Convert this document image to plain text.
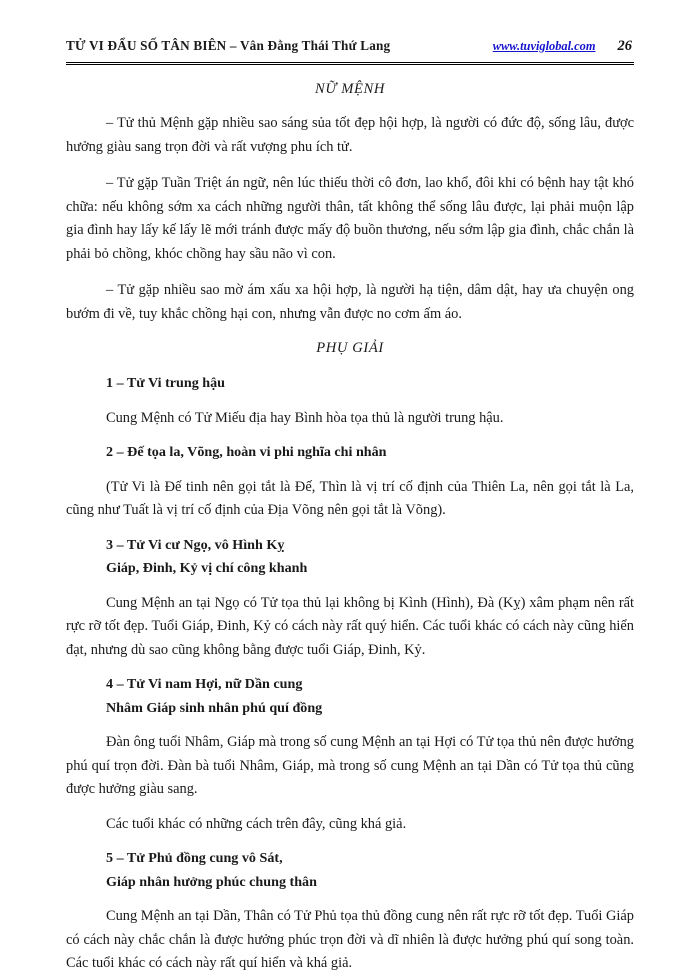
TỬ VI ĐẨU SỐ TÂN BIÊN – Vân Đằng Thái Thứ Lang	www.tuviglobal.com 26
NỮ MỆNH

– Tử thủ Mệnh gặp nhiều sao sáng sủa tốt đẹp hội hợp, là người có đức độ, sống lâu, được hưởng giàu sang trọn đời và rất vượng phu ích tử.

– Tử gặp Tuần Triệt án ngữ, nên lúc thiếu thời cô đơn, lao khổ, đôi khi có bệnh hay tật khó chữa: nếu không sớm xa cách những người thân, tất không thể sống lâu được, lại phải muộn lập gia đình hay lấy kế lấy lẽ mới tránh được mấy độ buồn thương, nếu sớm lập gia đình, chắc chắn là phải bỏ chồng, khóc chồng hay sầu não vì con.

– Tử gặp nhiều sao mờ ám xấu xa hội hợp, là người hạ tiện, dâm dật, hay ưa chuyện ong bướm đi về, tuy khắc chồng hại con, nhưng vẫn được no cơm ấm áo.

PHỤ GIẢI
1 – Tử Vi trung hậu

Cung Mệnh có Tử Miếu địa hay Bình hòa tọa thủ là người trung hậu.

2 – Đế tọa la, Võng, hoàn vi phi nghĩa chi nhân

(Tử Vi là Đế tinh nên gọi tắt là Đế, Thìn là vị trí cố định của Thiên La, nên gọi tắt là La, cũng như Tuất là vị trí cố định của Địa Võng nên gọi tắt là Võng).

3 – Tử Vi cư Ngọ, vô Hình Kỵ
Giáp, Đinh, Kỷ vị chí công khanh

Cung Mệnh an tại Ngọ có Tử tọa thủ lại không bị Kình (Hình), Đà (Kỵ) xâm phạm nên rất rực rỡ tốt đẹp. Tuổi Giáp, Đinh, Kỷ có cách này rất quý hiển. Các tuổi khác có cách này cũng hiển đạt, nhưng dù sao cũng không bằng được tuổi Giáp, Đinh, Kỷ.

4 – Tử Vi nam Hợi, nữ Dần cung
Nhâm Giáp sinh nhân phú quí đồng

Đàn ông tuổi Nhâm, Giáp mà trong số cung Mệnh an tại Hợi có Tử tọa thủ nên được hưởng phú quí trọn đời. Đàn bà tuổi Nhâm, Giáp, mà trong số cung Mệnh an tại Dần có Tử tọa thủ cũng được hưởng giàu sang.

Các tuổi khác có những cách trên đây, cũng khá giả.

5 – Tử Phủ đồng cung vô Sát,
Giáp nhân hưởng phúc chung thân

Cung Mệnh an tại Dần, Thân có Tử Phủ tọa thủ đồng cung nên rất rực rỡ tốt đẹp. Tuổi Giáp có cách này chắc chắn là được hưởng phúc trọn đời và dĩ nhiên là được hưởng phú quí song toàn. Các tuổi khác có cách này rất quí hiển và khá giả.
